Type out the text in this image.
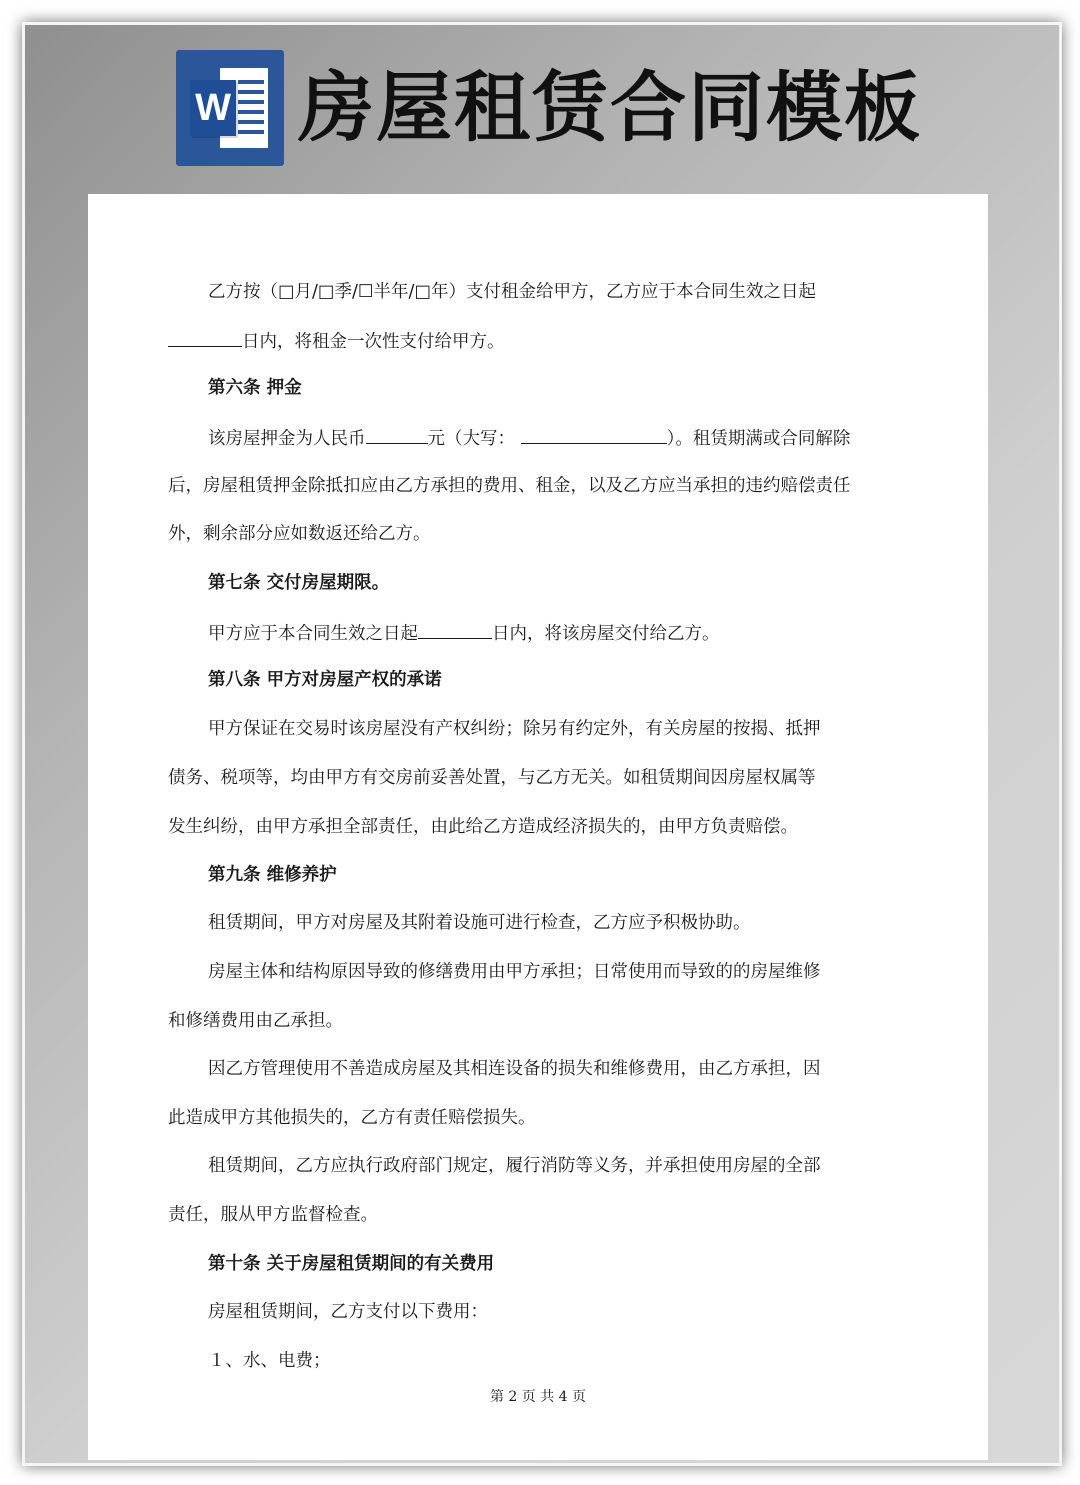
W 房屋租赁合同模板
乙方按（□月/□季/☐半年/□年）支付租金给甲方，乙方应于本合同生效之日起
日内，将租金一次性支付给甲方。
第六条 押金
该房屋押金为人民币	元（大写：	）。租赁期满或合同解除
后，房屋租赁押金除抵扣应由乙方承担的费用、租金，以及乙方应当承担的违约赔偿责任
外，剩余部分应如数返还给乙方。
第七条 交付房屋期限。
甲方应于本合同生效之日起	日内，将该房屋交付给乙方。
第八条 甲方对房屋产权的承诺
甲方保证在交易时该房屋没有产权纠纷；除另有约定外，有关房屋的按揭、抵押
债务、税项等，均由甲方有交房前妥善处置，与乙方无关。如租赁期间因房屋权属等
发生纠纷，由甲方承担全部责任，由此给乙方造成经济损失的，由甲方负责赔偿。
第九条 维修养护
租赁期间，甲方对房屋及其附着设施可进行检查，乙方应予积极协助。
房屋主体和结构原因导致的修缮费用由甲方承担；日常使用而导致的的房屋维修
和修缮费用由乙承担。
因乙方管理使用不善造成房屋及其相连设备的损失和维修费用，由乙方承担，因
此造成甲方其他损失的，乙方有责任赔偿损失。
租赁期间，乙方应执行政府部门规定，履行消防等义务，并承担使用房屋的全部
责任，服从甲方监督检查。
第十条 关于房屋租赁期间的有关费用
房屋租赁期间，乙方支付以下费用：
１、水、电费；
第 2 页 共 4 页
